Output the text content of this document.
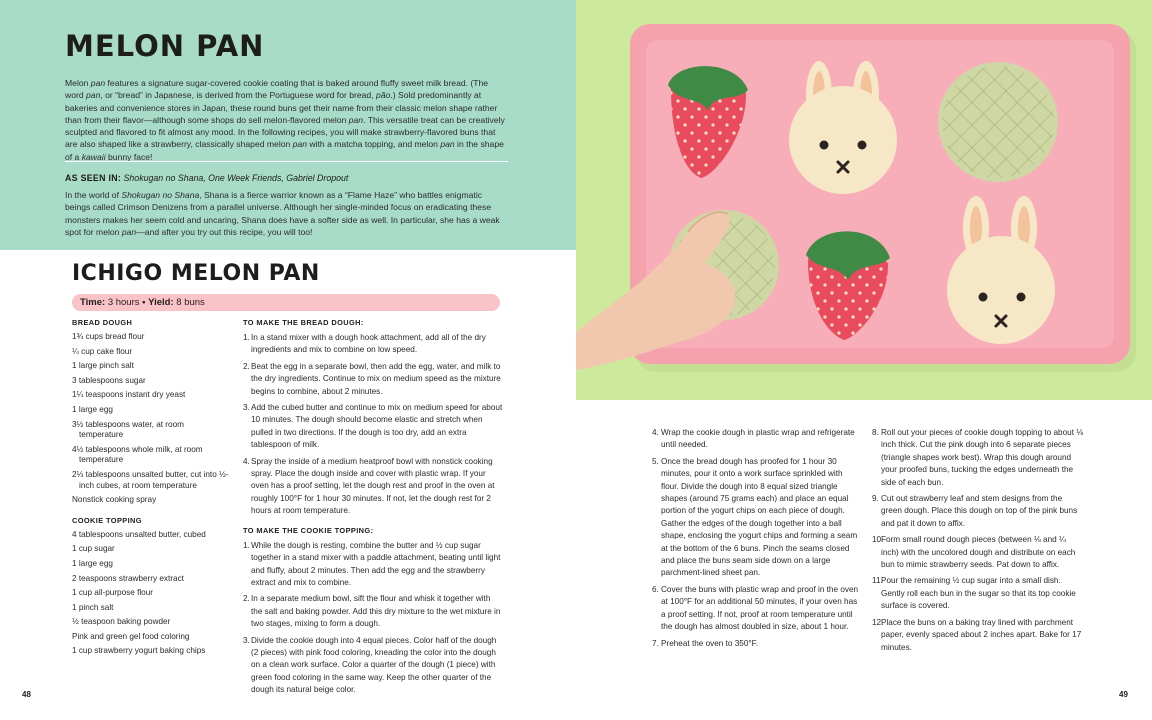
MELON PAN

Melon pan features a signature sugar-covered cookie coating that is baked around fluffy sweet milk bread. (The word pan, or “bread” in Japanese, is derived from the Portuguese word for bread, pão.) Sold predominantly at bakeries and convenience stores in Japan, these round buns get their name from their classic melon shape rather than from their flavor—although some shops do sell melon-flavored melon pan. This versatile treat can be creatively sculpted and flavored to fit almost any mood. In the following recipes, you will make strawberry-flavored buns that are also shaped like a strawberry, classically shaped melon pan with a matcha topping, and melon pan in the shape of a kawaii bunny face!

AS SEEN IN: Shokugan no Shana, One Week Friends, Gabriel Dropout

In the world of Shokugan no Shana, Shana is a fierce warrior known as a “Flame Haze” who battles enigmatic beings called Crimson Denizens from a parallel universe. Although her single-minded focus on eradicating these monsters makes her seem cold and uncaring, Shana does have a softer side as well. In particular, she has a weak spot for melon pan—and after you try out this recipe, you will too!

ICHIGO MELON PAN
Time: 3 hours • Yield: 8 buns
BREAD DOUGH
1¾ cups bread flour
¼ cup cake flour
1 large pinch salt
3 tablespoons sugar
1¼ teaspoons instant dry yeast
1 large egg
3½ tablespoons water, at room temperature
4½ tablespoons whole milk, at room temperature
2⅓ tablespoons unsalted butter, cut into ½-inch cubes, at room temperature
Nonstick cooking spray
COOKIE TOPPING
4 tablespoons unsalted butter, cubed
1 cup sugar
1 large egg
2 teaspoons strawberry extract
1 cup all-purpose flour
1 pinch salt
½ teaspoon baking powder
Pink and green gel food coloring
1 cup strawberry yogurt baking chips
TO MAKE THE BREAD DOUGH:
1. In a stand mixer with a dough hook attachment, add all of the dry ingredients and mix to combine on low speed.
2. Beat the egg in a separate bowl, then add the egg, water, and milk to the dry ingredients. Continue to mix on medium speed as the mixture begins to combine, about 2 minutes.
3. Add the cubed butter and continue to mix on medium speed for about 10 minutes. The dough should become elastic and stretch when pulled in two directions. If the dough is too dry, add an extra tablespoon of milk.
4. Spray the inside of a medium heatproof bowl with nonstick cooking spray. Place the dough inside and cover with plastic wrap. If your oven has a proof setting, let the dough rest and proof in the oven at roughly 100°F for 1 hour 30 minutes. If not, let the dough rest for 2 hours at room temperature.
TO MAKE THE COOKIE TOPPING:
1. While the dough is resting, combine the butter and ½ cup sugar together in a stand mixer with a paddle attachment, beating until light and fluffy, about 2 minutes. Then add the egg and the strawberry extract and mix to combine.
2. In a separate medium bowl, sift the flour and whisk it together with the salt and baking powder. Add this dry mixture to the wet mixture in two stages, mixing to form a dough.
3. Divide the cookie dough into 4 equal pieces. Color half of the dough (2 pieces) with pink food coloring, kneading the color into the dough on a clean work surface. Color a quarter of the dough (1 piece) with green food coloring in the same way. Keep the other quarter of the dough its natural beige color.
48
4. Wrap the cookie dough in plastic wrap and refrigerate until needed.
5. Once the bread dough has proofed for 1 hour 30 minutes, pour it onto a work surface sprinkled with flour. Divide the dough into 8 equal sized triangle shapes (around 75 grams each) and place an equal portion of the yogurt chips on each piece of dough. Gather the edges of the dough together into a ball shape, enclosing the yogurt chips and forming a seam at the bottom of the 6 buns. Pinch the seams closed and place the buns seam side down on a large parchment-lined sheet pan.
6. Cover the buns with plastic wrap and proof in the oven at 100°F for an additional 50 minutes, if your oven has a proof setting. If not, proof at room temperature until the dough has almost doubled in size, about 1 hour.
7. Preheat the oven to 350°F.
8. Roll out your pieces of cookie dough topping to about ⅛ inch thick. Cut the pink dough into 6 separate pieces (triangle shapes work best). Wrap this dough around your proofed buns, tucking the edges underneath the side of each bun.
9. Cut out strawberry leaf and stem designs from the green dough. Place this dough on top of the pink buns and pat it down to affix.
10.
Form small round dough pieces (between ⅛ and ¼ inch) with the uncolored dough and distribute on each bun to mimic strawberry seeds. Pat down to affix.
11.
Pour the remaining ½ cup sugar into a small dish. Gently roll each bun in the sugar so that its top cookie surface is covered.
12.
Place the buns on a baking tray lined with parchment paper, evenly spaced about 2 inches apart. Bake for 17 minutes.
49
